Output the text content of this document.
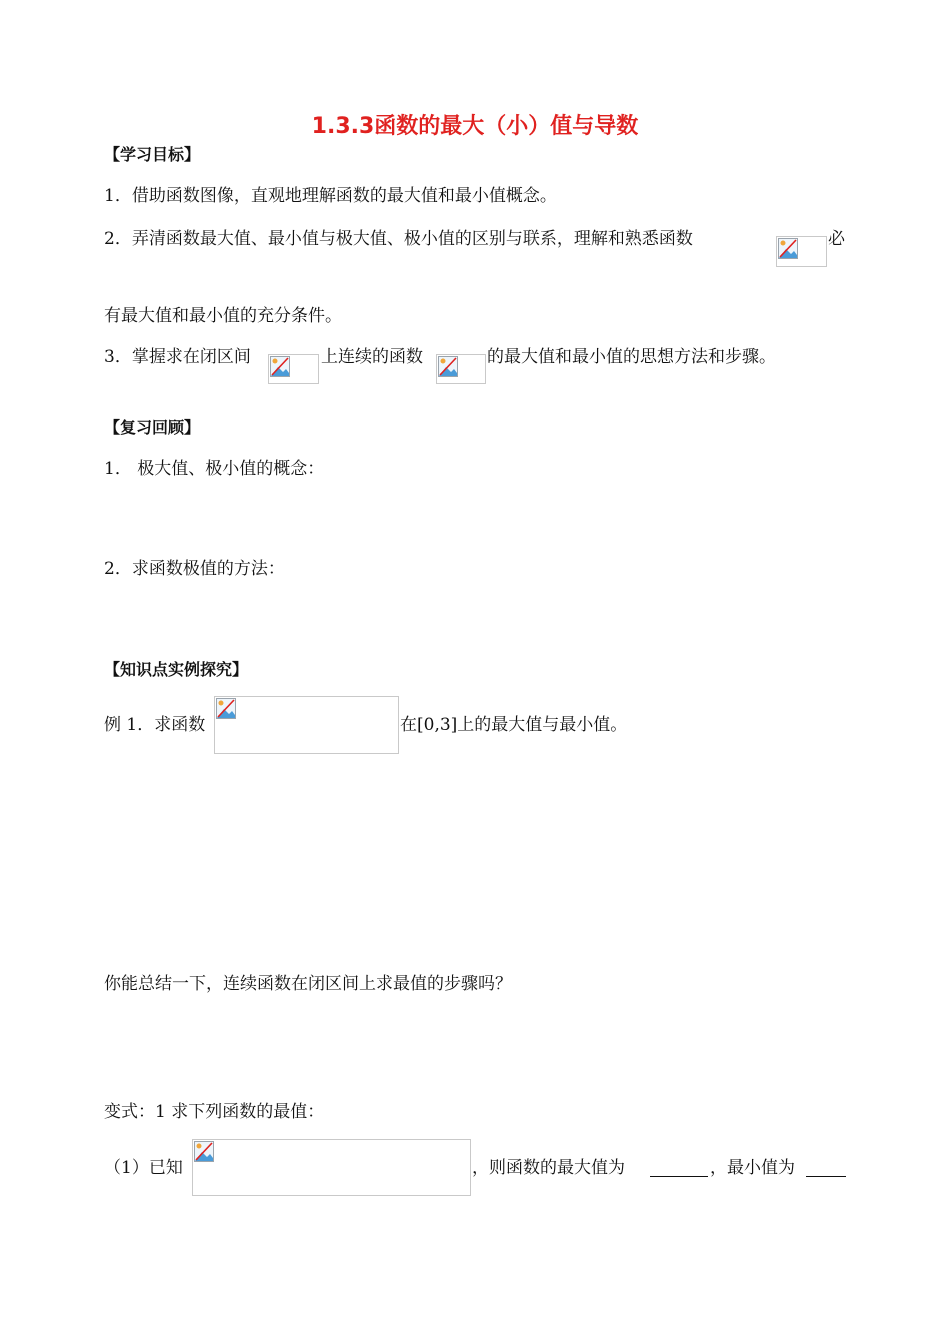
1.3.3函数的最大（小）值与导数
【学习目标】
1．借助函数图像，直观地理解函数的最大值和最小值概念。
2．弄清函数最大值、最小值与极大值、极小值的区别与联系，理解和熟悉函数	必
有最大值和最小值的充分条件。
3．掌握求在闭区间	上连续的函数	的最大值和最小值的思想方法和步骤。
【复习回顾】
1． 极大值、极小值的概念：
2．求函数极值的方法：
【知识点实例探究】
例 1．求函数	在[0,3]上的最大值与最小值。
你能总结一下，连续函数在闭区间上求最值的步骤吗？
变式：1 求下列函数的最值：
（1）已知	，则函数的最大值为	，最小值为
